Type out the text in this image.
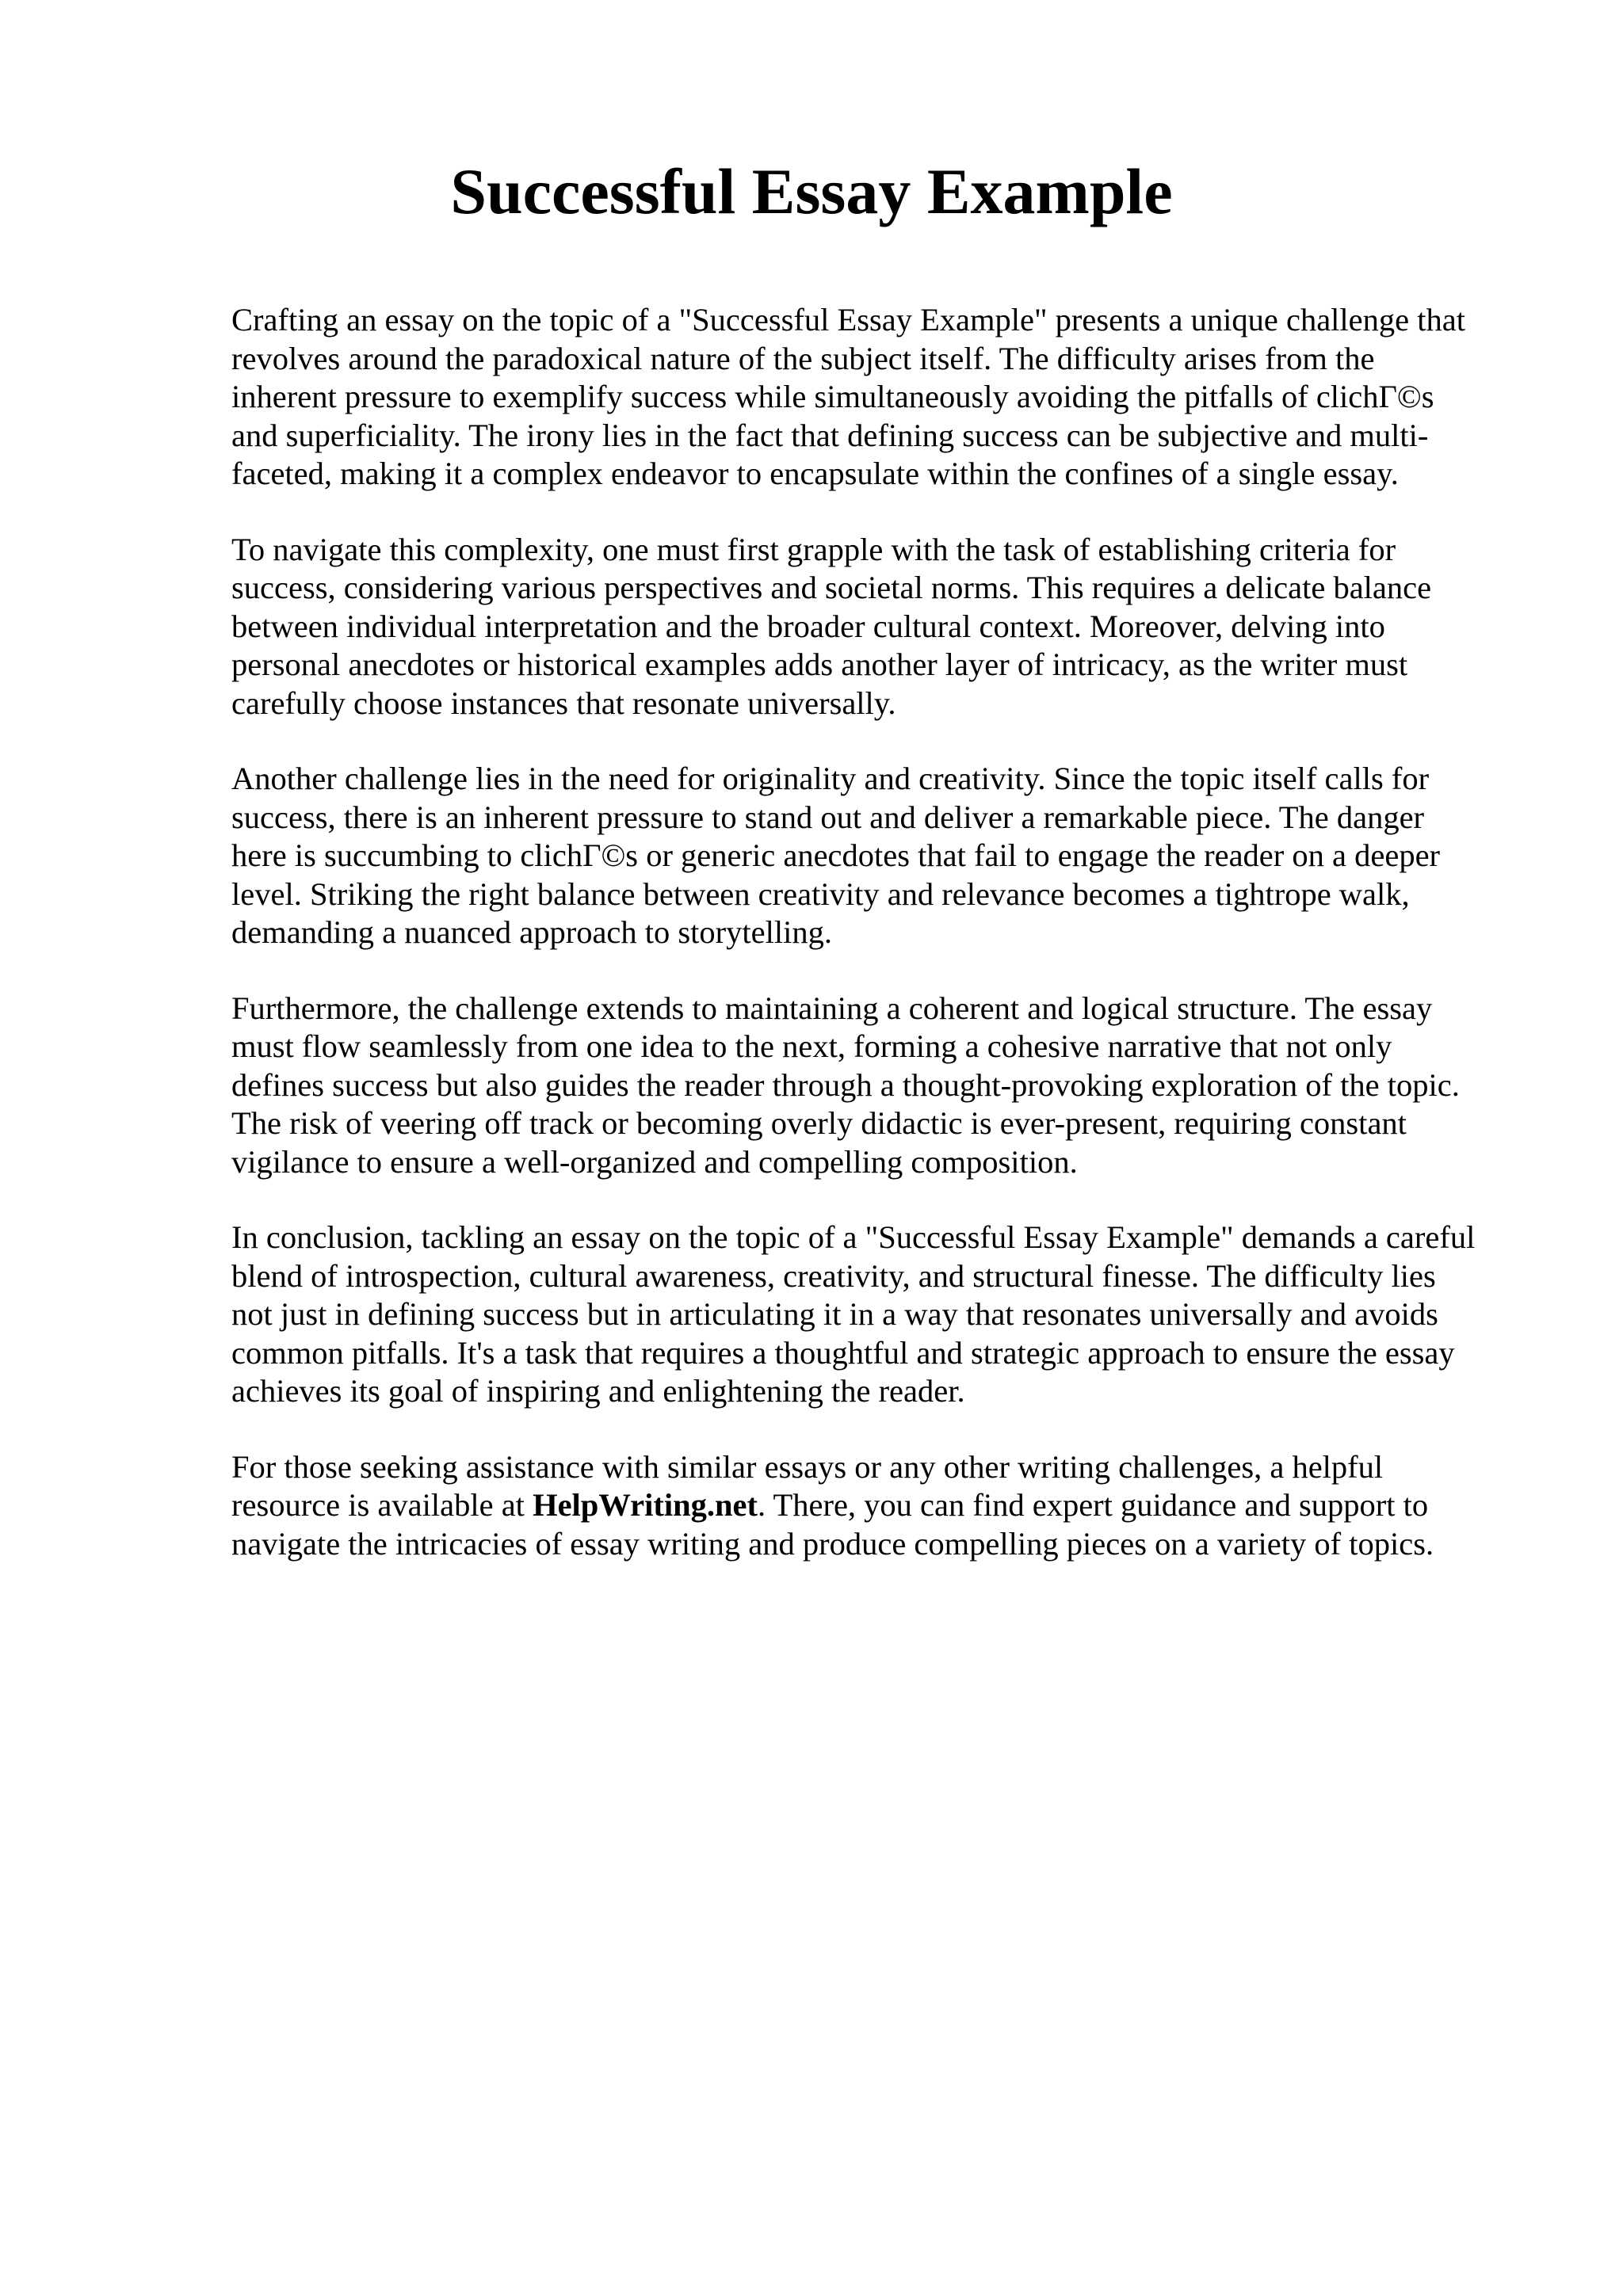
Successful Essay Example

Crafting an essay on the topic of a "Successful Essay Example" presents a unique challenge that
revolves around the paradoxical nature of the subject itself. The difficulty arises from the
inherent pressure to exemplify success while simultaneously avoiding the pitfalls of clichΓ©s
and superficiality. The irony lies in the fact that defining success can be subjective and multi-
faceted, making it a complex endeavor to encapsulate within the confines of a single essay.

To navigate this complexity, one must first grapple with the task of establishing criteria for
success, considering various perspectives and societal norms. This requires a delicate balance
between individual interpretation and the broader cultural context. Moreover, delving into
personal anecdotes or historical examples adds another layer of intricacy, as the writer must
carefully choose instances that resonate universally.

Another challenge lies in the need for originality and creativity. Since the topic itself calls for
success, there is an inherent pressure to stand out and deliver a remarkable piece. The danger
here is succumbing to clichΓ©s or generic anecdotes that fail to engage the reader on a deeper
level. Striking the right balance between creativity and relevance becomes a tightrope walk,
demanding a nuanced approach to storytelling.

Furthermore, the challenge extends to maintaining a coherent and logical structure. The essay
must flow seamlessly from one idea to the next, forming a cohesive narrative that not only
defines success but also guides the reader through a thought-provoking exploration of the topic.
The risk of veering off track or becoming overly didactic is ever-present, requiring constant
vigilance to ensure a well-organized and compelling composition.

In conclusion, tackling an essay on the topic of a "Successful Essay Example" demands a careful
blend of introspection, cultural awareness, creativity, and structural finesse. The difficulty lies
not just in defining success but in articulating it in a way that resonates universally and avoids
common pitfalls. It's a task that requires a thoughtful and strategic approach to ensure the essay
achieves its goal of inspiring and enlightening the reader.

For those seeking assistance with similar essays or any other writing challenges, a helpful
resource is available at HelpWriting.net. There, you can find expert guidance and support to
navigate the intricacies of essay writing and produce compelling pieces on a variety of topics.
